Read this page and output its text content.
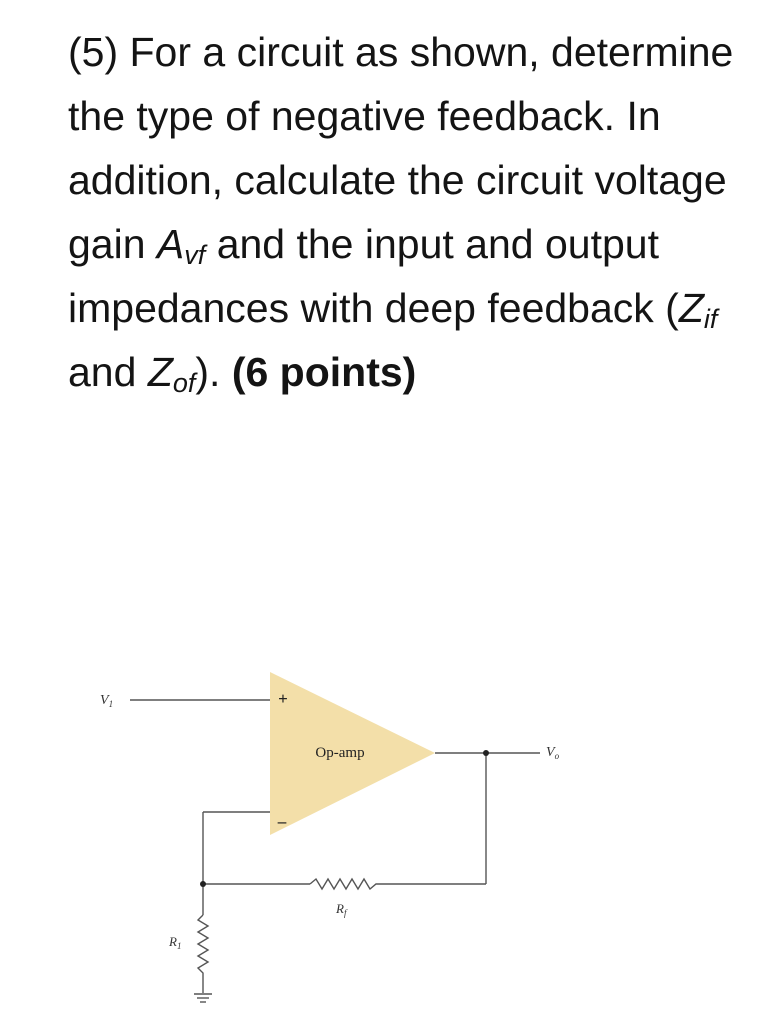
(5) For a circuit as shown, determine the type of negative feedback. In addition, calculate the circuit voltage gain $A_{vf}$ and the input and output impedances with deep feedback ($Z_{if}$ and $Z_{of}$). (6 points)

Op-amp
+
–
$V_1$
$V_o$
$R_f$
$R_1$
